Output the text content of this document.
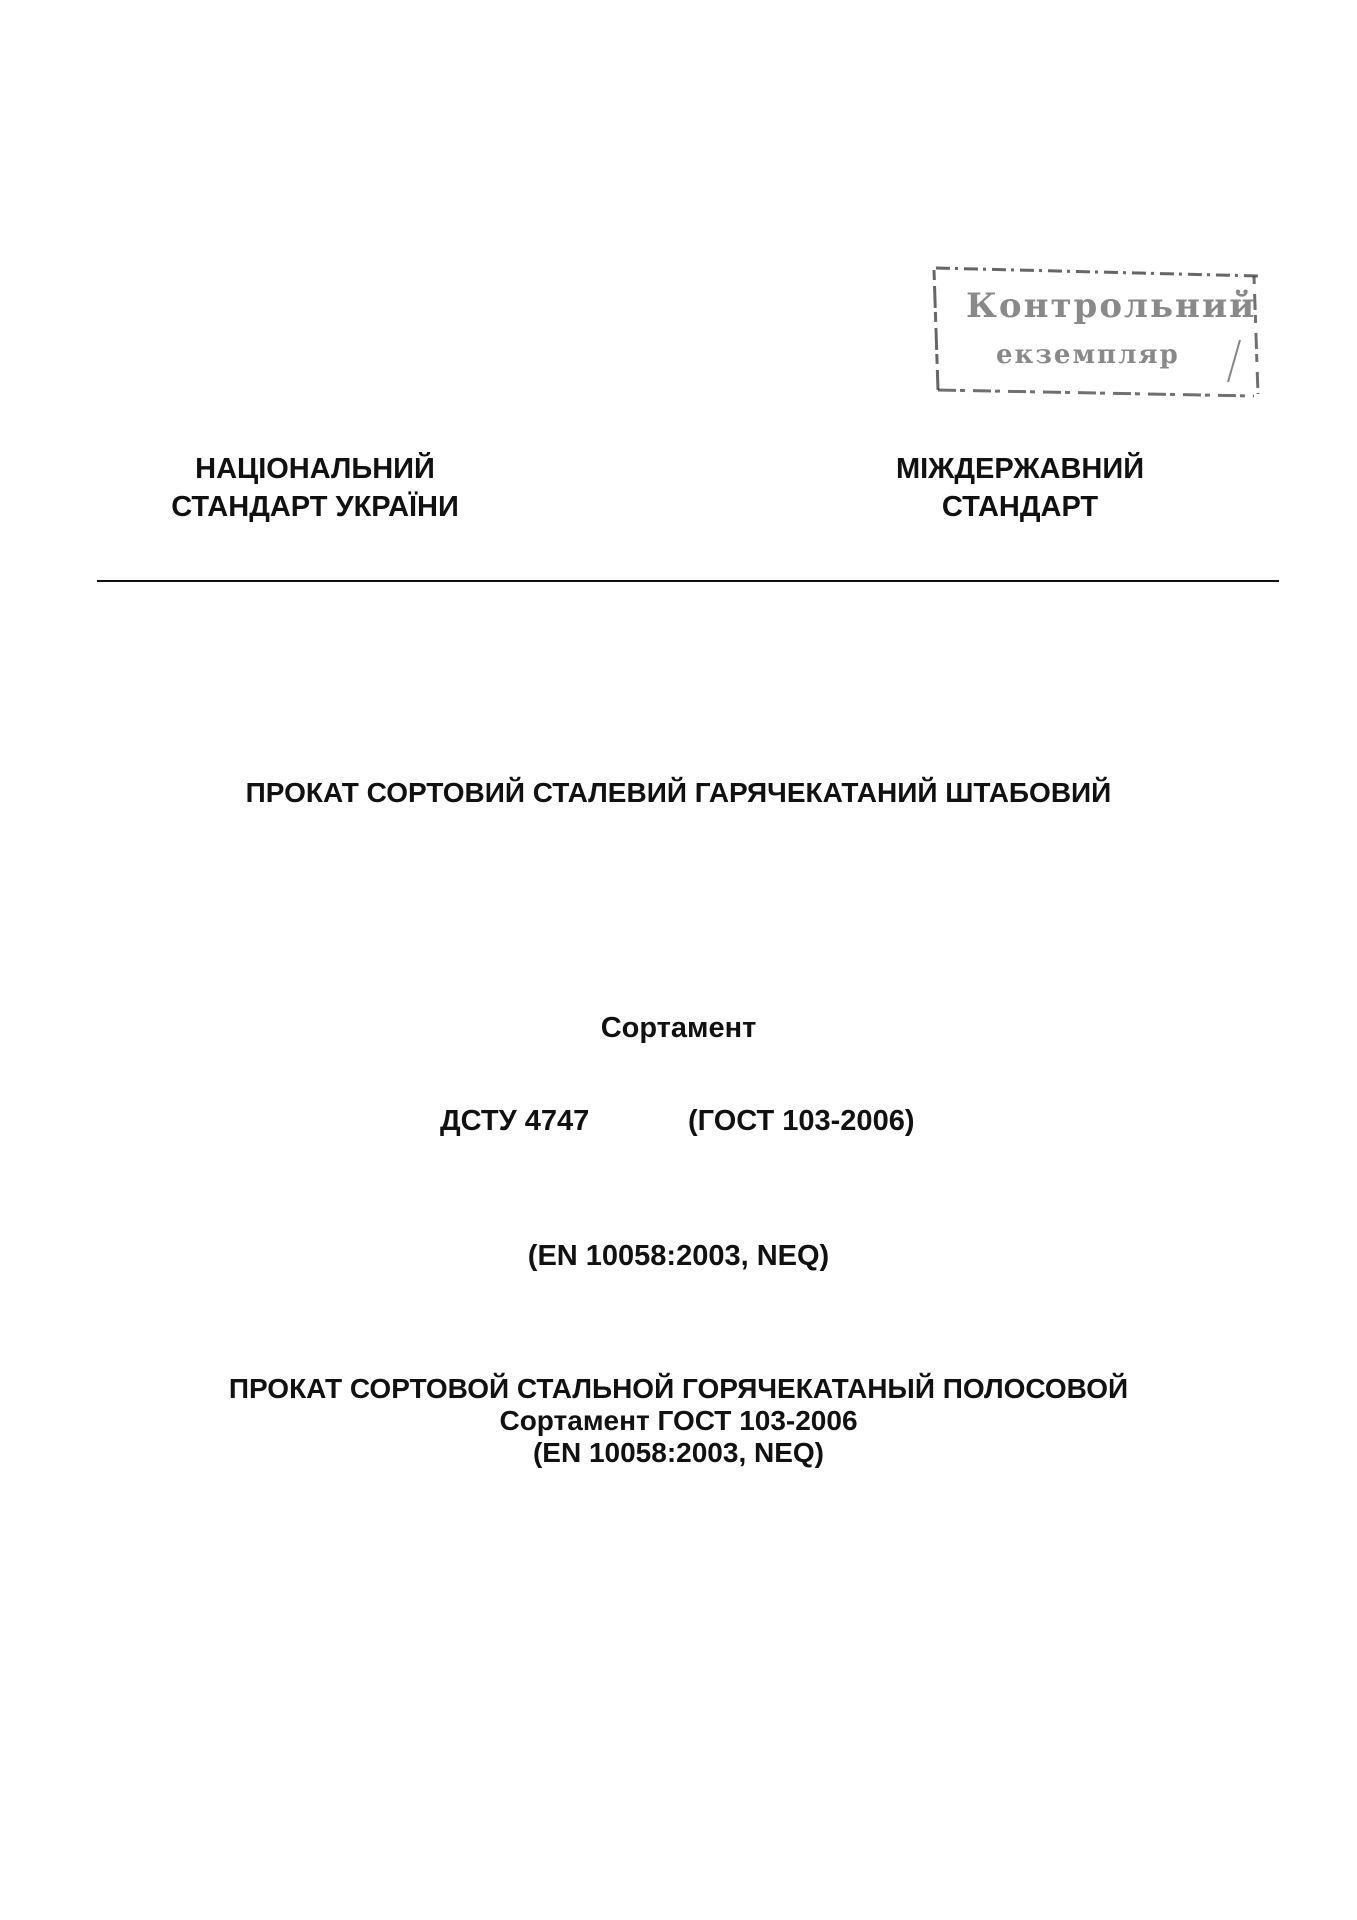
Контрольний
екземпляр
НАЦІОНАЛЬНИЙ
СТАНДАРТ УКРАЇНИ
МІЖДЕРЖАВНИЙ
СТАНДАРТ
ПРОКАТ СОРТОВИЙ СТАЛЕВИЙ ГАРЯЧЕКАТАНИЙ ШТАБОВИЙ
Сортамент
ДСТУ 4747	(ГОСТ 103-2006)
(EN 10058:2003, NEQ)
ПРОКАТ СОРТОВОЙ СТАЛЬНОЙ ГОРЯЧЕКАТАНЫЙ ПОЛОСОВОЙ
Сортамент ГОСТ 103-2006
(EN 10058:2003, NEQ)
